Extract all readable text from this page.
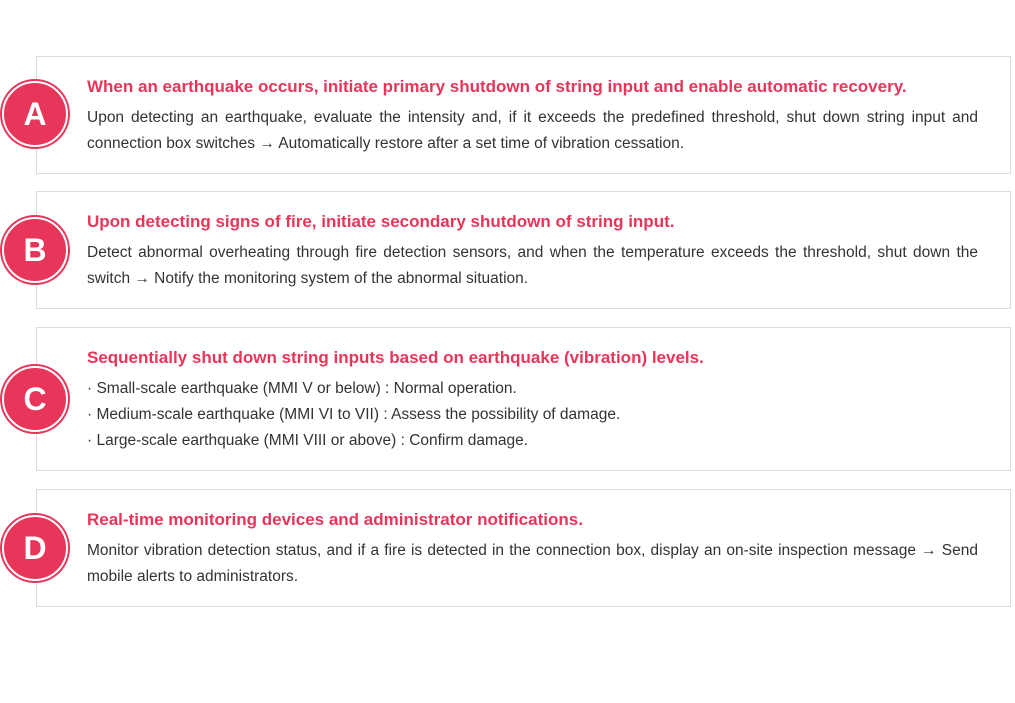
When an earthquake occurs, initiate primary shutdown of string input and enable automatic recovery.

Upon detecting an earthquake, evaluate the intensity and, if it exceeds the predefined threshold, shut down string input and connection box switches → Automatically restore after a set time of vibration cessation.

A

Upon detecting signs of fire, initiate secondary shutdown of string input.

Detect abnormal overheating through fire detection sensors, and when the temperature exceeds the threshold, shut down the switch → Notify the monitoring system of the abnormal situation.

B

Sequentially shut down string inputs based on earthquake (vibration) levels.

· Small-scale earthquake (MMI V or below) : Normal operation.
· Medium-scale earthquake (MMI VI to VII) : Assess the possibility of damage.
· Large-scale earthquake (MMI VIII or above) : Confirm damage.
C

Real-time monitoring devices and administrator notifications.

Monitor vibration detection status, and if a fire is detected in the connection box, display an on-site inspection message → Send mobile alerts to administrators.

D
